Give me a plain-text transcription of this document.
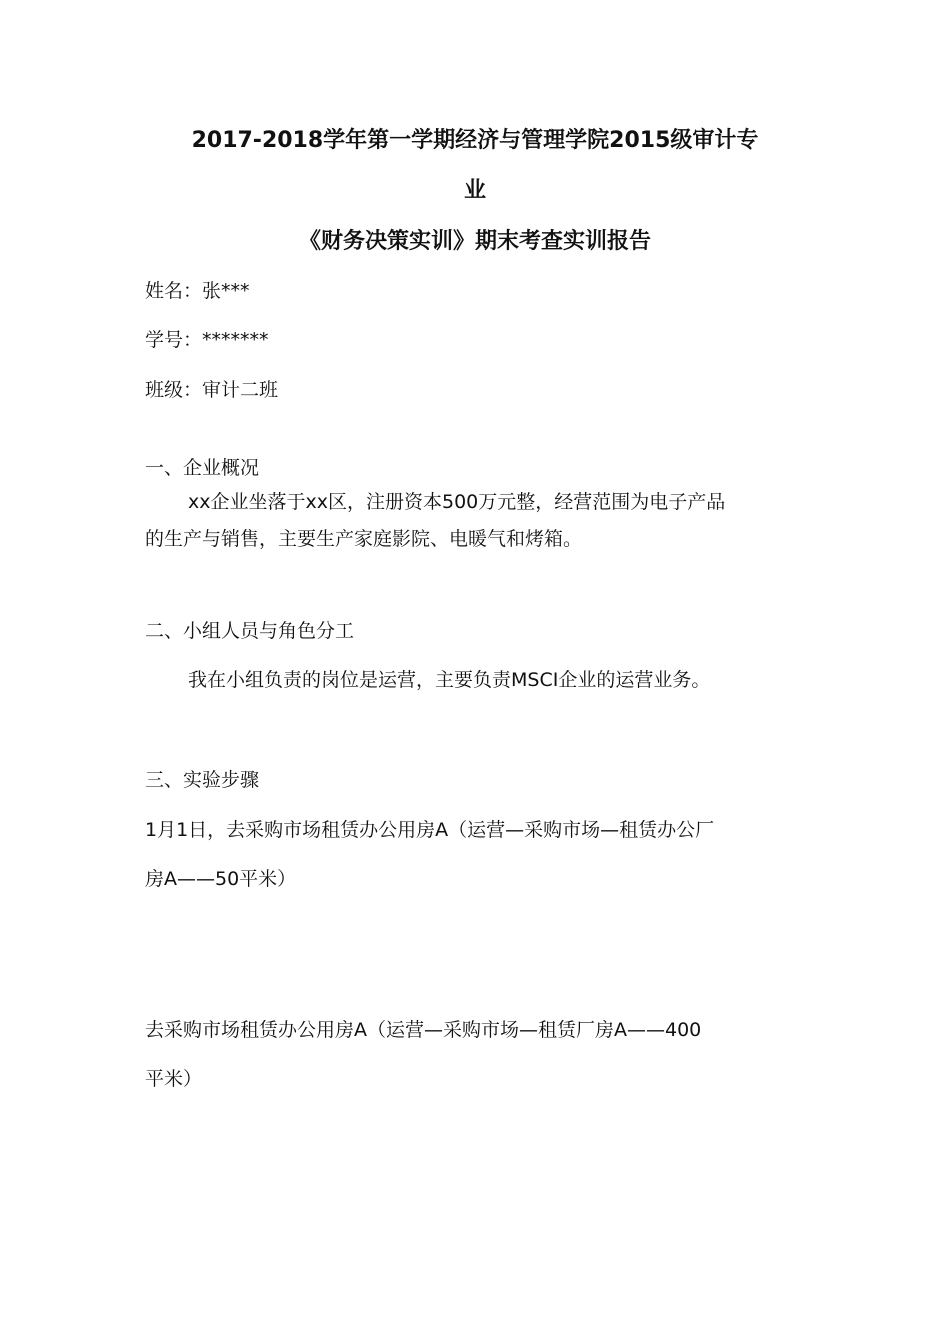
2017-2018学年第一学期经济与管理学院2015级审计专
业
《财务决策实训》期末考查实训报告
姓名：张***
学号：*******
班级：审计二班
一、企业概况
xx企业坐落于xx区，注册资本500万元整，经营范围为电子产品
的生产与销售，主要生产家庭影院、电暖气和烤箱。
二、小组人员与角色分工
我在小组负责的岗位是运营，主要负责MSCI企业的运营业务。
三、实验步骤
1月1日，去采购市场租赁办公用房A（运营—采购市场—租赁办公厂
房A——50平米）
去采购市场租赁办公用房A（运营—采购市场—租赁厂房A——400
平米）
